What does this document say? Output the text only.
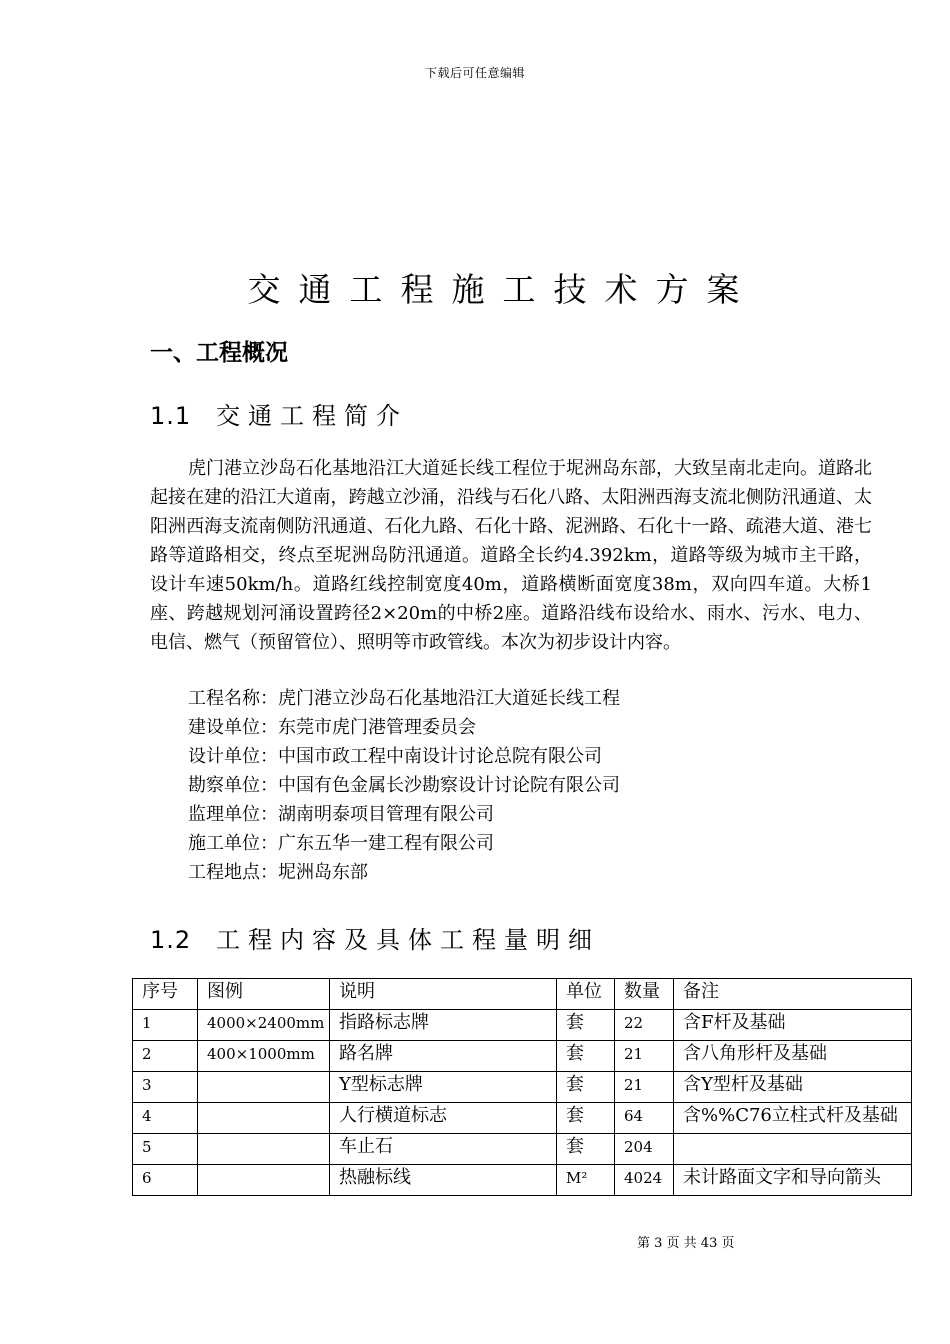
下载后可任意编辑
交通工程施工技术方案
一、工程概况
1.1 交通工程简介
虎门港立沙岛石化基地沿江大道延长线工程位于坭洲岛东部，大致呈南北走向。道路北起接在建的沿江大道南，跨越立沙涌，沿线与石化八路、太阳洲西海支流北侧防汛通道、太阳洲西海支流南侧防汛通道、石化九路、石化十路、泥洲路、石化十一路、疏港大道、港七路等道路相交，终点至坭洲岛防汛通道。道路全长约4.392km，道路等级为城市主干路，设计车速50km/h。道路红线控制宽度40m，道路横断面宽度38m，双向四车道。大桥1座、跨越规划河涌设置跨径2×20m的中桥2座。道路沿线布设给水、雨水、污水、电力、电信、燃气（预留管位）、照明等市政管线。本次为初步设计内容。
工程名称：虎门港立沙岛石化基地沿江大道延长线工程
建设单位：东莞市虎门港管理委员会
设计单位：中国市政工程中南设计讨论总院有限公司
勘察单位：中国有色金属长沙勘察设计讨论院有限公司
监理单位：湖南明泰项目管理有限公司
施工单位：广东五华一建工程有限公司
工程地点：坭洲岛东部
1.2 工程内容及具体工程量明细
序号	图例	说明	单位	数量	备注
1	4000×2400mm	指路标志牌	套	22	含F杆及基础
2	400×1000mm	路名牌	套	21	含八角形杆及基础
3		Y型标志牌	套	21	含Y型杆及基础
4		人行横道标志	套	64	含%%C76立柱式杆及基础
5		车止石	套	204	
6		热融标线	M²	4024	未计路面文字和导向箭头
第 3 页 共 43 页
